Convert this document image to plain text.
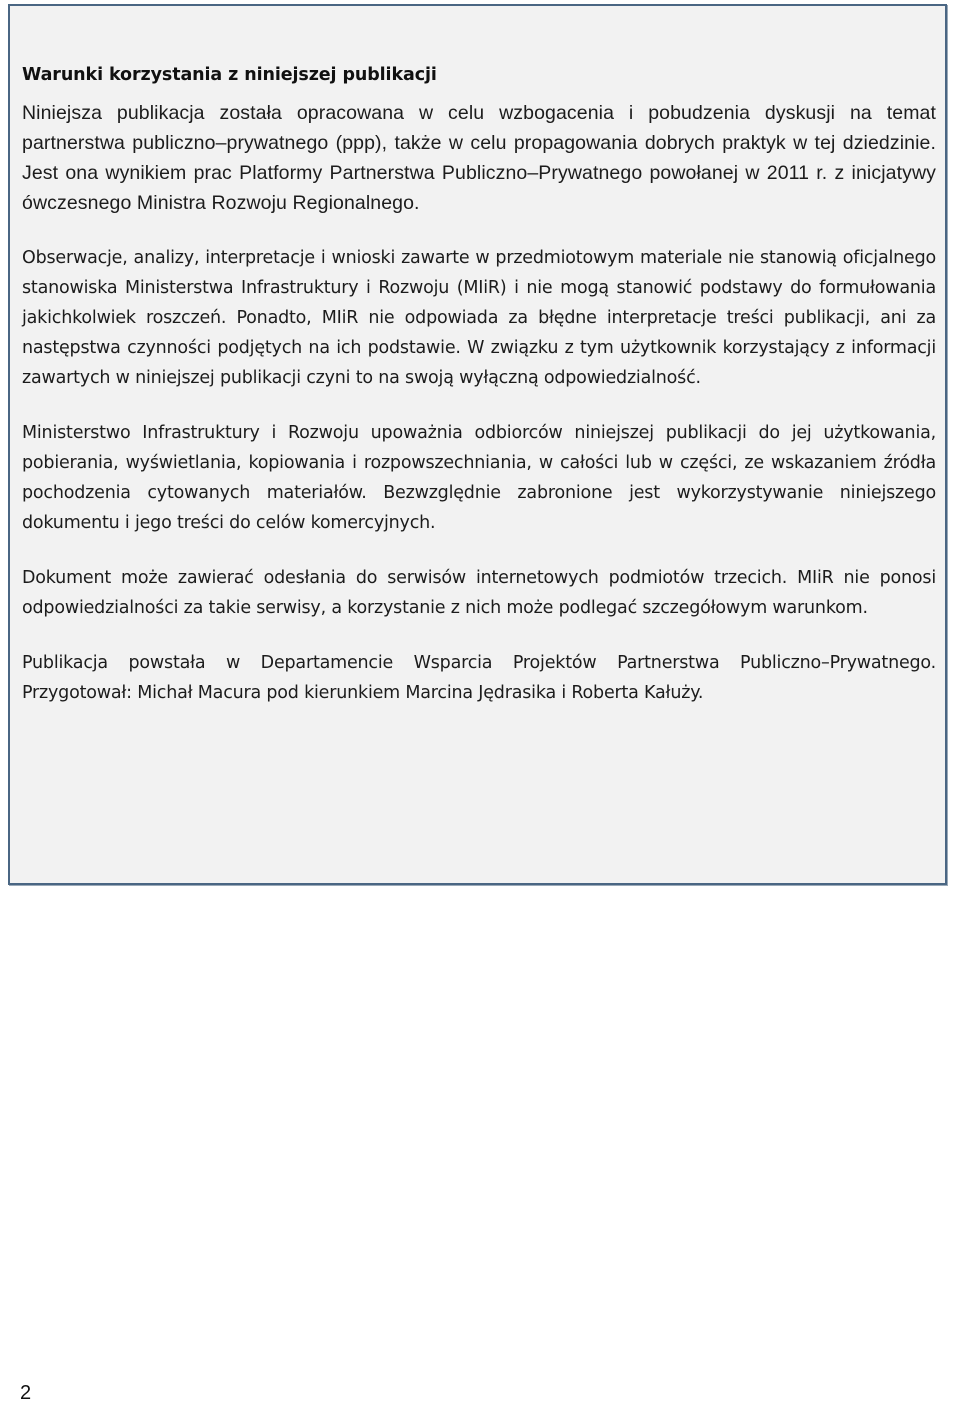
Warunki korzystania z niniejszej publikacji

Niniejsza publikacja została opracowana w celu wzbogacenia i pobudzenia dyskusji na temat partnerstwa publiczno–prywatnego (ppp), także w celu propagowania dobrych praktyk w tej dziedzinie. Jest ona wynikiem prac Platformy Partnerstwa Publiczno–Prywatnego powołanej w 2011 r. z inicjatywy ówczesnego Ministra Rozwoju Regionalnego.

Obserwacje, analizy, interpretacje i wnioski zawarte w przedmiotowym materiale nie stanowią oficjalnego stanowiska Ministerstwa Infrastruktury i Rozwoju (MIiR) i nie mogą stanowić podstawy do formułowania jakichkolwiek roszczeń. Ponadto, MIiR nie odpowiada za błędne interpretacje treści publikacji, ani za następstwa czynności podjętych na ich podstawie. W związku z tym użytkownik korzystający z informacji zawartych w niniejszej publikacji czyni to na swoją wyłączną odpowiedzialność.

Ministerstwo Infrastruktury i Rozwoju upoważnia odbiorców niniejszej publikacji do jej użytkowania, pobierania, wyświetlania, kopiowania i rozpowszechniania, w całości lub w części, ze wskazaniem źródła pochodzenia cytowanych materiałów. Bezwzględnie zabronione jest wykorzystywanie niniejszego dokumentu i jego treści do celów komercyjnych.

Dokument może zawierać odesłania do serwisów internetowych podmiotów trzecich. MIiR nie ponosi odpowiedzialności za takie serwisy, a korzystanie z nich może podlegać szczegółowym warunkom.

Publikacja powstała w Departamencie Wsparcia Projektów Partnerstwa Publiczno–Prywatnego. Przygotował: Michał Macura pod kierunkiem Marcina Jędrasika i Roberta Kałuży.

2
